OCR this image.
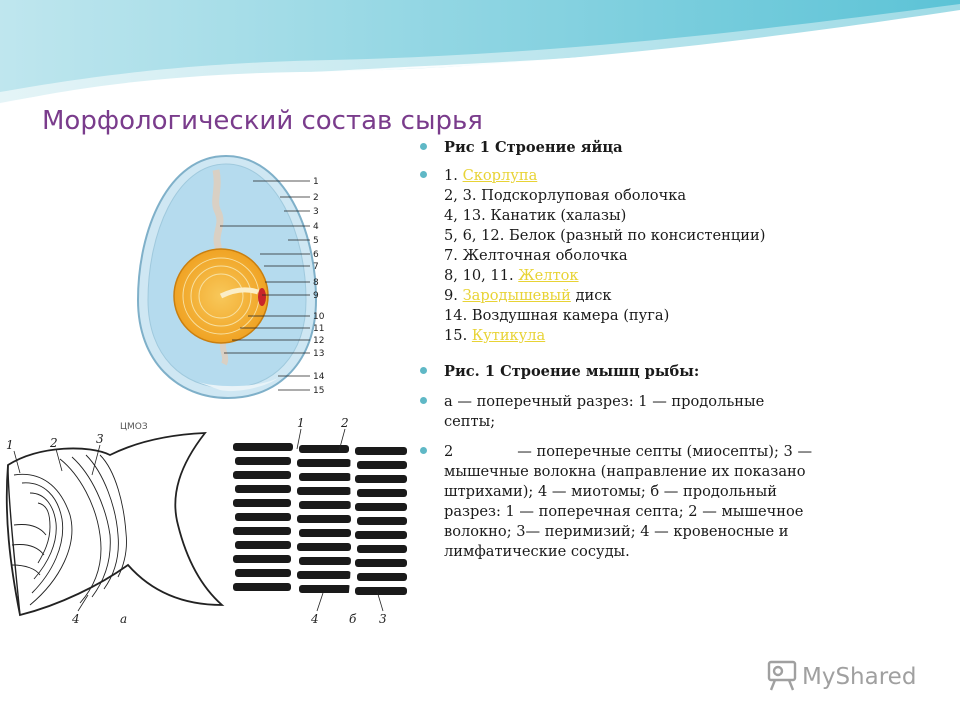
Морфологический состав сырья
1
2
3
4
5
6
7
8
9
10
11
12
13
14
15
1	2	3
4	а
ЦМОЗ	1	2
3
4	б
Рис 1 Строение яйца
1. Скорлупа
2, 3. Подскорлуповая оболочка
4, 13. Канатик (халазы)
5, 6, 12. Белок (разный по консистенции)
7. Желточная оболочка
8, 10, 11. Желток
9. Зародышевый диск
14. Воздушная камера (пуга)
15. Кутикула
Рис. 1 Строение мышц рыбы:
а — поперечный разрез: 1 — продольные септы;
2	— поперечные септы (миосепты); 3 — мышечные волокна (направление их показано штрихами); 4 — миотомы; б — продольный разрез: 1 — поперечная септа; 2 — мышечное волокно; 3— перимизий; 4 — кровеносные и лимфатические сосуды.
MyShared
